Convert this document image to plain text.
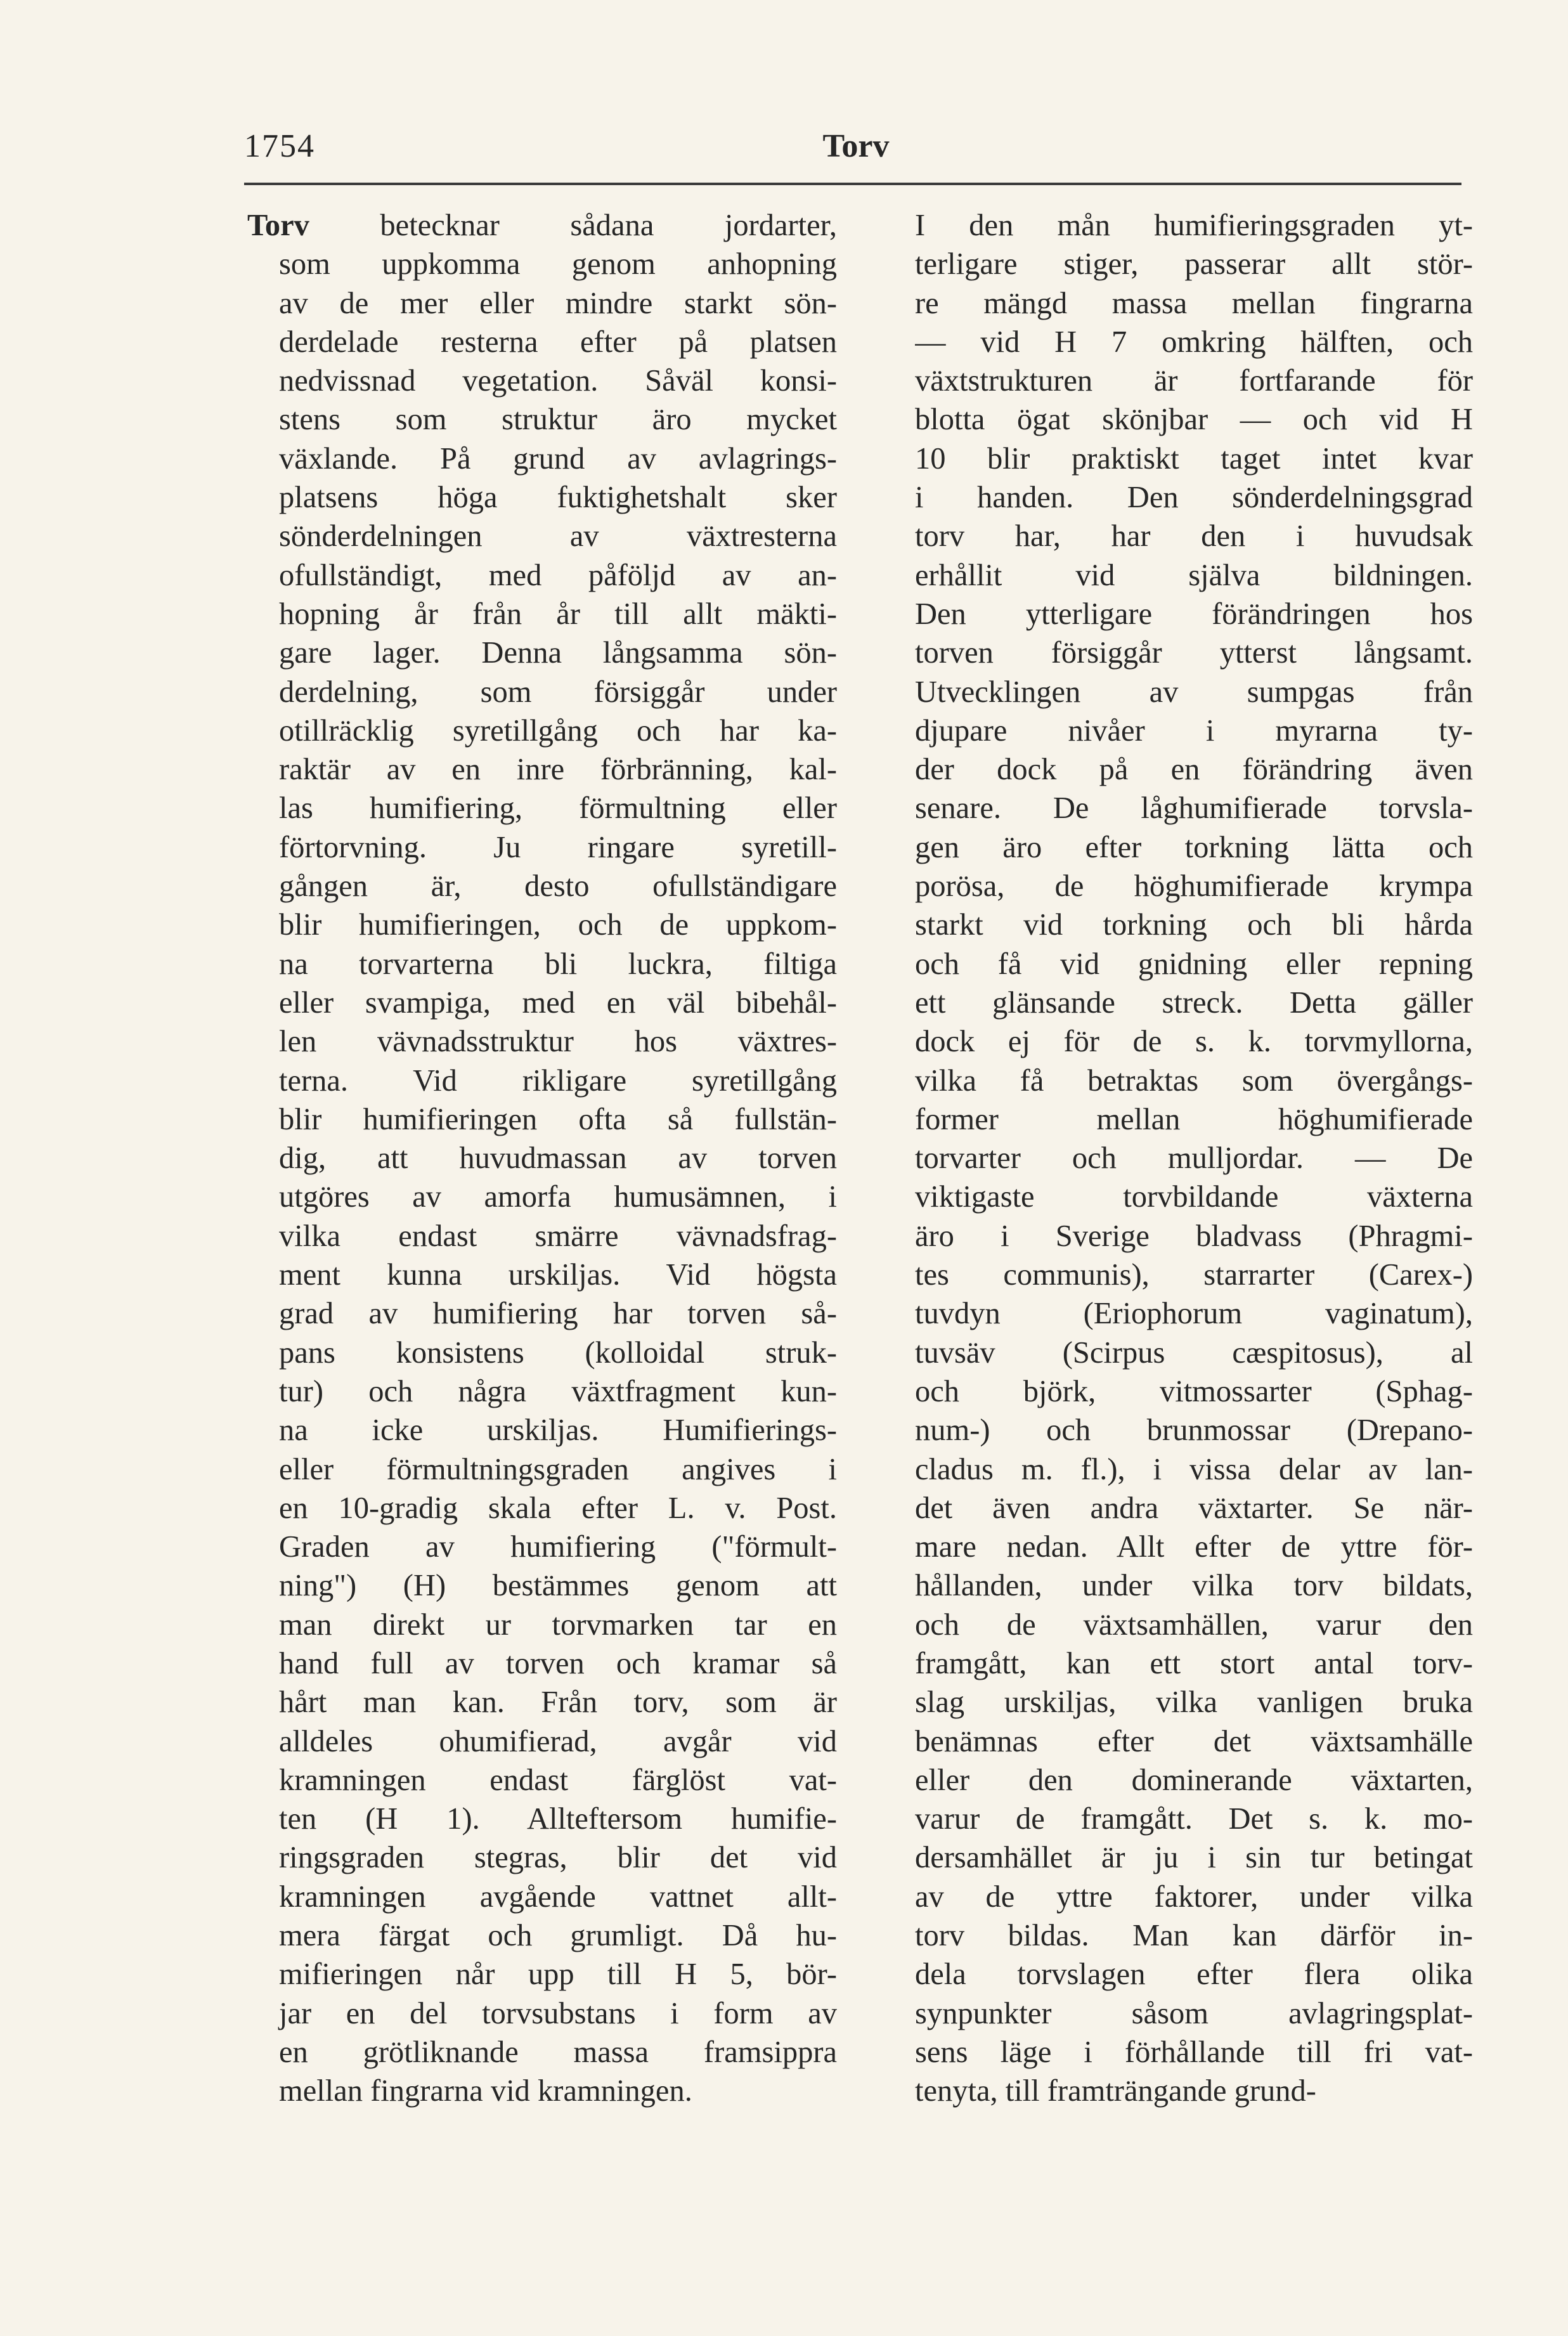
1754	Torv
Torv betecknar sådana jordarter,
som uppkomma genom anhopning
av de mer eller mindre starkt sön-
derdelade resterna efter på platsen
nedvissnad vegetation. Såväl konsi-
stens som struktur äro mycket
växlande. På grund av avlagrings-
platsens höga fuktighetshalt sker
sönderdelningen av växtresterna
ofullständigt, med påföljd av an-
hopning år från år till allt mäkti-
gare lager. Denna långsamma sön-
derdelning, som försiggår under
otillräcklig syretillgång och har ka-
raktär av en inre förbränning, kal-
las humifiering, förmultning eller
förtorvning. Ju ringare syretill-
gången är, desto ofullständigare
blir humifieringen, och de uppkom-
na torvarterna bli luckra, filtiga
eller svampiga, med en väl bibehål-
len vävnadsstruktur hos växtres-
terna. Vid rikligare syretillgång
blir humifieringen ofta så fullstän-
dig, att huvudmassan av torven
utgöres av amorfa humusämnen, i
vilka endast smärre vävnadsfrag-
ment kunna urskiljas. Vid högsta
grad av humifiering har torven så-
pans konsistens (kolloidal struk-
tur) och några växtfragment kun-
na icke urskiljas. Humifierings-
eller förmultningsgraden angives i
en 10-gradig skala efter L. v. Post.
Graden av humifiering ("förmult-
ning") (H) bestämmes genom att
man direkt ur torvmarken tar en
hand full av torven och kramar så
hårt man kan. Från torv, som är
alldeles ohumifierad, avgår vid
kramningen endast färglöst vat-
ten (H 1). Allteftersom humifie-
ringsgraden stegras, blir det vid
kramningen avgående vattnet allt-
mera färgat och grumligt. Då hu-
mifieringen når upp till H 5, bör-
jar en del torvsubstans i form av
en grötliknande massa framsippra
mellan fingrarna vid kramningen.
I den mån humifieringsgraden yt-
terligare stiger, passerar allt stör-
re mängd massa mellan fingrarna
— vid H 7 omkring hälften, och
växtstrukturen är fortfarande för
blotta ögat skönjbar — och vid H
10 blir praktiskt taget intet kvar
i handen. Den sönderdelningsgrad
torv har, har den i huvudsak
erhållit vid själva bildningen.
Den ytterligare förändringen hos
torven försiggår ytterst långsamt.
Utvecklingen av sumpgas från
djupare nivåer i myrarna ty-
der dock på en förändring även
senare. De låghumifierade torvsla-
gen äro efter torkning lätta och
porösa, de höghumifierade krympa
starkt vid torkning och bli hårda
och få vid gnidning eller repning
ett glänsande streck. Detta gäller
dock ej för de s. k. torvmyllorna,
vilka få betraktas som övergångs-
former mellan höghumifierade
torvarter och mulljordar. — De
viktigaste torvbildande växterna
äro i Sverige bladvass (Phragmi-
tes communis), starrarter (Carex-)
tuvdyn (Eriophorum vaginatum),
tuvsäv (Scirpus cæspitosus), al
och björk, vitmossarter (Sphag-
num-) och brunmossar (Drepano-
cladus m. fl.), i vissa delar av lan-
det även andra växtarter. Se när-
mare nedan. Allt efter de yttre för-
hållanden, under vilka torv bildats,
och de växtsamhällen, varur den
framgått, kan ett stort antal torv-
slag urskiljas, vilka vanligen bruka
benämnas efter det växtsamhälle
eller den dominerande växtarten,
varur de framgått. Det s. k. mo-
dersamhället är ju i sin tur betingat
av de yttre faktorer, under vilka
torv bildas. Man kan därför in-
dela torvslagen efter flera olika
synpunkter såsom avlagringsplat-
sens läge i förhållande till fri vat-
tenyta, till framträngande grund-
